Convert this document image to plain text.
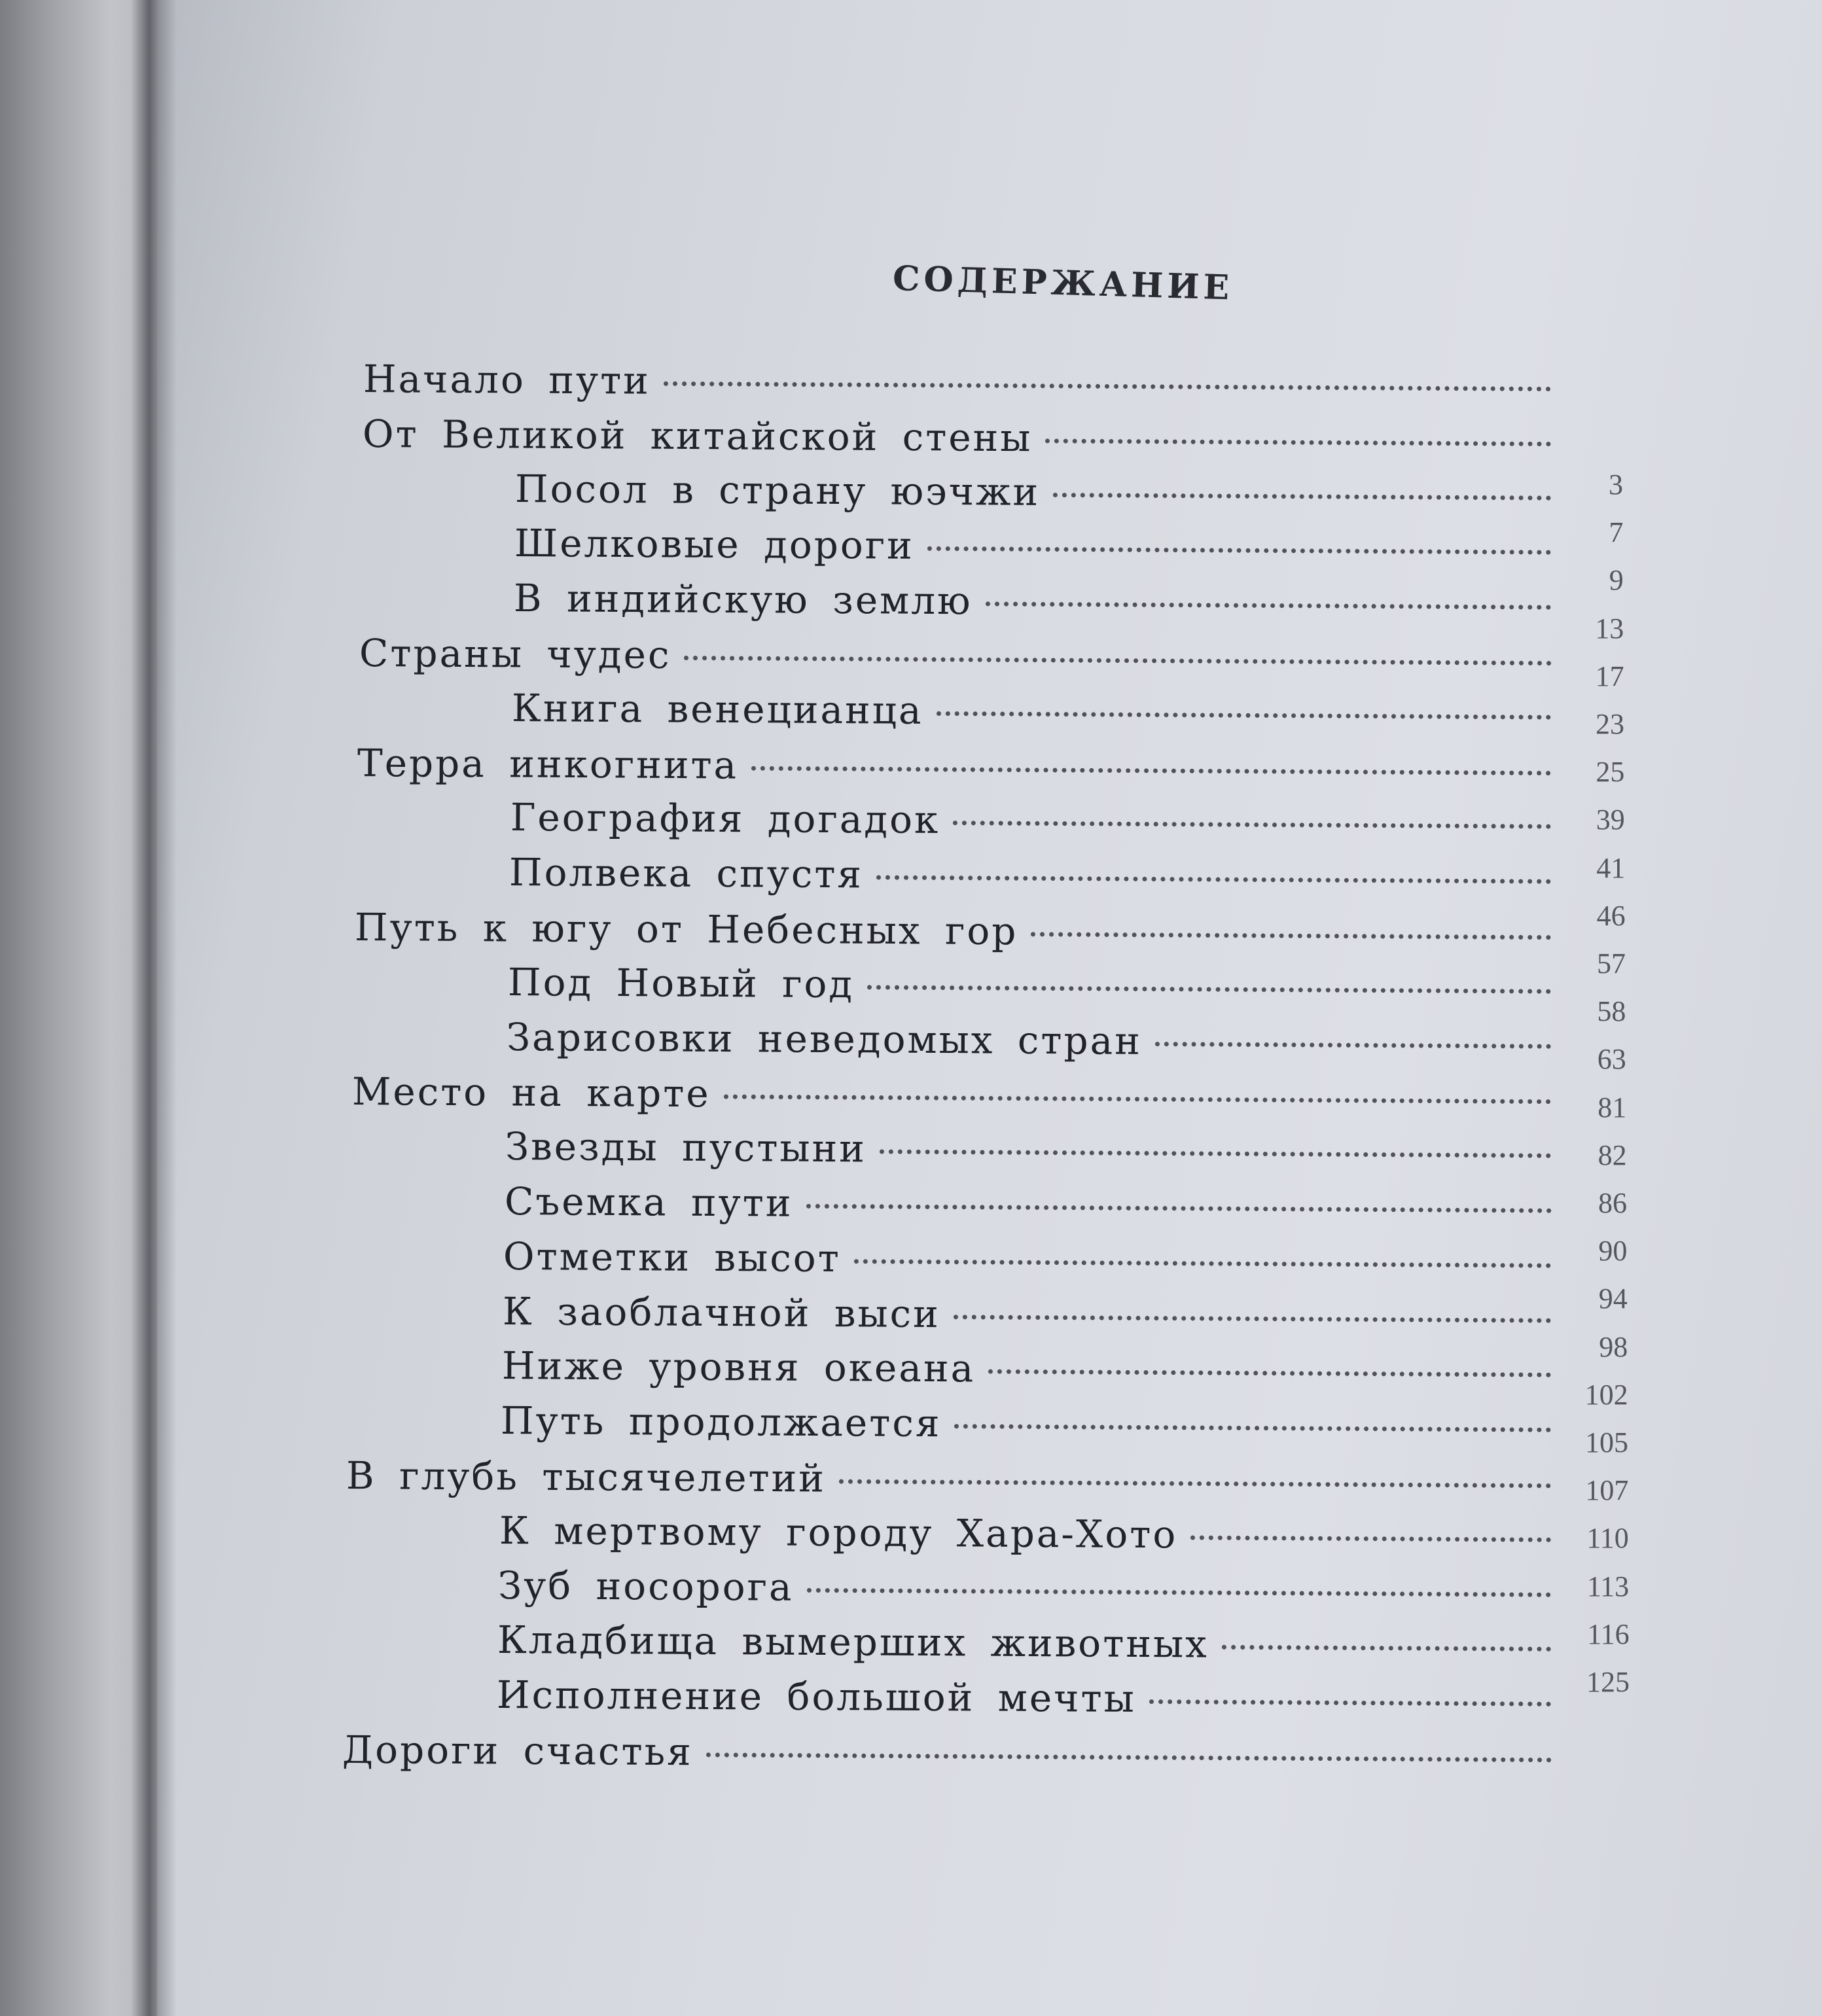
СОДЕРЖАНИЕ
Начало пути
От Великой китайской стены
Посол в страну юэчжи
Шелковые дороги
В индийскую землю
Страны чудес
Книга венецианца
Терра инкогнита
География догадок
Полвека спустя
Путь к югу от Небесных гор
Под Новый год
Зарисовки неведомых стран
Место на карте
Звезды пустыни
Съемка пути
Отметки высот
К заоблачной выси
Ниже уровня океана
Путь продолжается
В глубь тысячелетий
К мертвому городу Хара-Хото
Зуб носорога
Кладбища вымерших животных
Исполнение большой мечты
Дороги счастья
3
7
9
13
17
23
25
39
41
46
57
58
63
81
82
86
90
94
98
102
105
107
110
113
116
125
